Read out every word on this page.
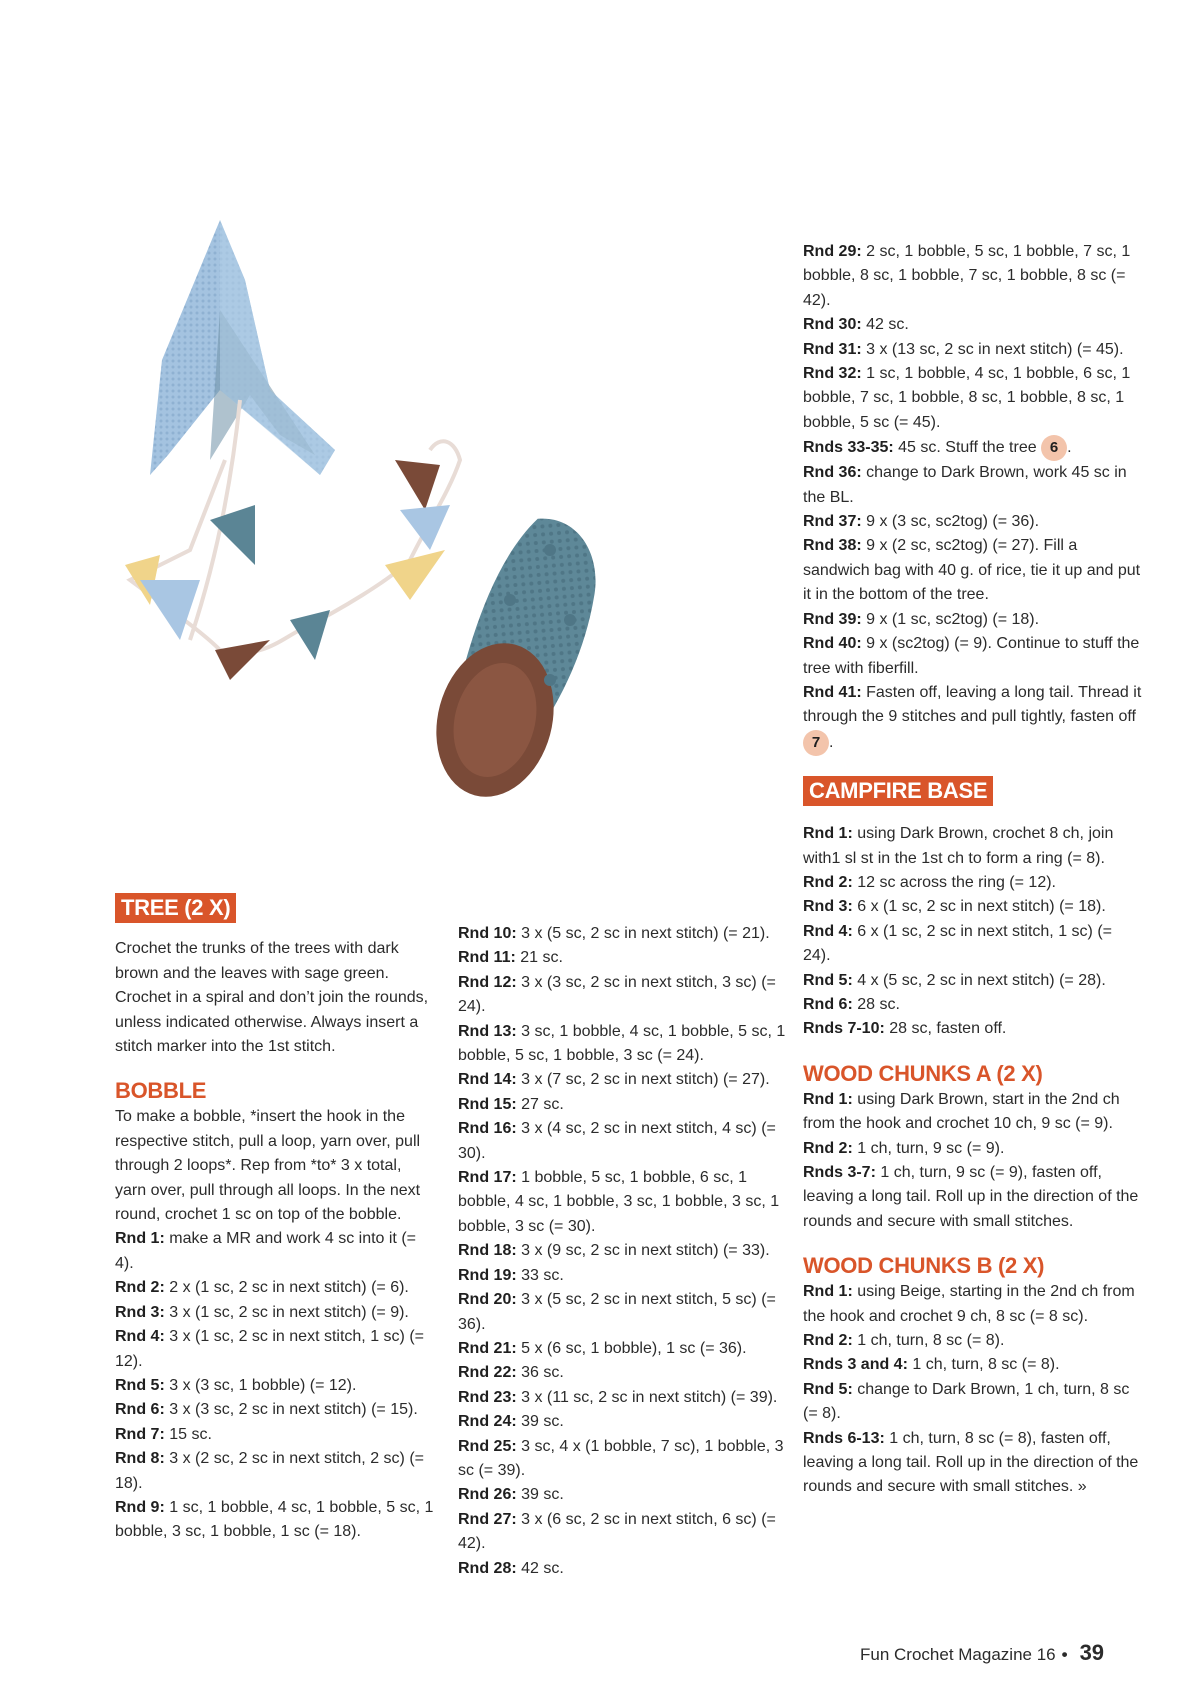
TREE (2 X)

Crochet the trunks of the trees with dark brown and the leaves with sage green. Crochet in a spiral and don’t join the rounds, unless indicated otherwise. Always insert a stitch marker into the 1st stitch.

BOBBLE

To make a bobble, *insert the hook in the respective stitch, pull a loop, yarn over, pull through 2 loops*. Rep from *to* 3 x total, yarn over, pull through all loops. In the next round, crochet 1 sc on top of the bobble.

Rnd 1: make a MR and work 4 sc into it (= 4).

Rnd 2: 2 x (1 sc, 2 sc in next stitch) (= 6).

Rnd 3: 3 x (1 sc, 2 sc in next stitch) (= 9).

Rnd 4: 3 x (1 sc, 2 sc in next stitch, 1 sc) (= 12).

Rnd 5: 3 x (3 sc, 1 bobble) (= 12).

Rnd 6: 3 x (3 sc, 2 sc in next stitch) (= 15).

Rnd 7: 15 sc.

Rnd 8: 3 x (2 sc, 2 sc in next stitch, 2 sc) (= 18).

Rnd 9: 1 sc, 1 bobble, 4 sc, 1 bobble, 5 sc, 1 bobble, 3 sc, 1 bobble, 1 sc (= 18).

Rnd 10: 3 x (5 sc, 2 sc in next stitch) (= 21).

Rnd 11: 21 sc.

Rnd 12: 3 x (3 sc, 2 sc in next stitch, 3 sc) (= 24).

Rnd 13: 3 sc, 1 bobble, 4 sc, 1 bobble, 5 sc, 1 bobble, 5 sc, 1 bobble, 3 sc (= 24).

Rnd 14: 3 x (7 sc, 2 sc in next stitch) (= 27).

Rnd 15: 27 sc.

Rnd 16: 3 x (4 sc, 2 sc in next stitch, 4 sc) (= 30).

Rnd 17: 1 bobble, 5 sc, 1 bobble, 6 sc, 1 bobble, 4 sc, 1 bobble, 3 sc, 1 bobble, 3 sc, 1 bobble, 3 sc (= 30).

Rnd 18: 3 x (9 sc, 2 sc in next stitch) (= 33).

Rnd 19: 33 sc.

Rnd 20: 3 x (5 sc, 2 sc in next stitch, 5 sc) (= 36).

Rnd 21: 5 x (6 sc, 1 bobble), 1 sc (= 36).

Rnd 22: 36 sc.

Rnd 23: 3 x (11 sc, 2 sc in next stitch) (= 39).

Rnd 24: 39 sc.

Rnd 25: 3 sc, 4 x (1 bobble, 7 sc), 1 bobble, 3 sc (= 39).

Rnd 26: 39 sc.

Rnd 27: 3 x (6 sc, 2 sc in next stitch, 6 sc) (= 42).

Rnd 28: 42 sc.

Rnd 29: 2 sc, 1 bobble, 5 sc, 1 bobble, 7 sc, 1 bobble, 8 sc, 1 bobble, 7 sc, 1 bobble, 8 sc (= 42).

Rnd 30: 42 sc.

Rnd 31: 3 x (13 sc, 2 sc in next stitch) (= 45).

Rnd 32: 1 sc, 1 bobble, 4 sc, 1 bobble, 6 sc, 1 bobble, 7 sc, 1 bobble, 8 sc, 1 bobble, 8 sc, 1 bobble, 5 sc (= 45).

Rnds 33-35: 45 sc. Stuff the tree 6 .

Rnd 36: change to Dark Brown, work 45 sc in the BL.

Rnd 37: 9 x (3 sc, sc2tog) (= 36).

Rnd 38: 9 x (2 sc, sc2tog) (= 27). Fill a sandwich bag with 40 g. of rice, tie it up and put it in the bottom of the tree.

Rnd 39: 9 x (1 sc, sc2tog) (= 18).

Rnd 40: 9 x (sc2tog) (= 9). Continue to stuff the tree with fiberfill.

Rnd 41: Fasten off, leaving a long tail. Thread it through the 9 stitches and pull tightly, fasten off 7 .

CAMPFIRE BASE

Rnd 1: using Dark Brown, crochet 8 ch, join with1 sl st in the 1st ch to form a ring (= 8).

Rnd 2: 12 sc across the ring (= 12).

Rnd 3: 6 x (1 sc, 2 sc in next stitch) (= 18).

Rnd 4: 6 x (1 sc, 2 sc in next stitch, 1 sc) (= 24).

Rnd 5: 4 x (5 sc, 2 sc in next stitch) (= 28).

Rnd 6: 28 sc.

Rnds 7-10: 28 sc, fasten off.

WOOD CHUNKS A (2 X)

Rnd 1: using Dark Brown, start in the 2nd ch from the hook and crochet 10 ch, 9 sc (= 9).

Rnd 2: 1 ch, turn, 9 sc (= 9).

Rnds 3-7: 1 ch, turn, 9 sc (= 9), fasten off, leaving a long tail. Roll up in the direction of the rounds and secure with small stitches.

WOOD CHUNKS B (2 X)

Rnd 1: using Beige, starting in the 2nd ch from the hook and crochet 9 ch, 8 sc (= 8 sc).

Rnd 2: 1 ch, turn, 8 sc (= 8).

Rnds 3 and 4: 1 ch, turn, 8 sc (= 8).

Rnd 5: change to Dark Brown, 1 ch, turn, 8 sc (= 8).

Rnds 6-13: 1 ch, turn, 8 sc (= 8), fasten off, leaving a long tail. Roll up in the direction of the rounds and secure with small stitches. »

Fun Crochet Magazine 16 • 39
